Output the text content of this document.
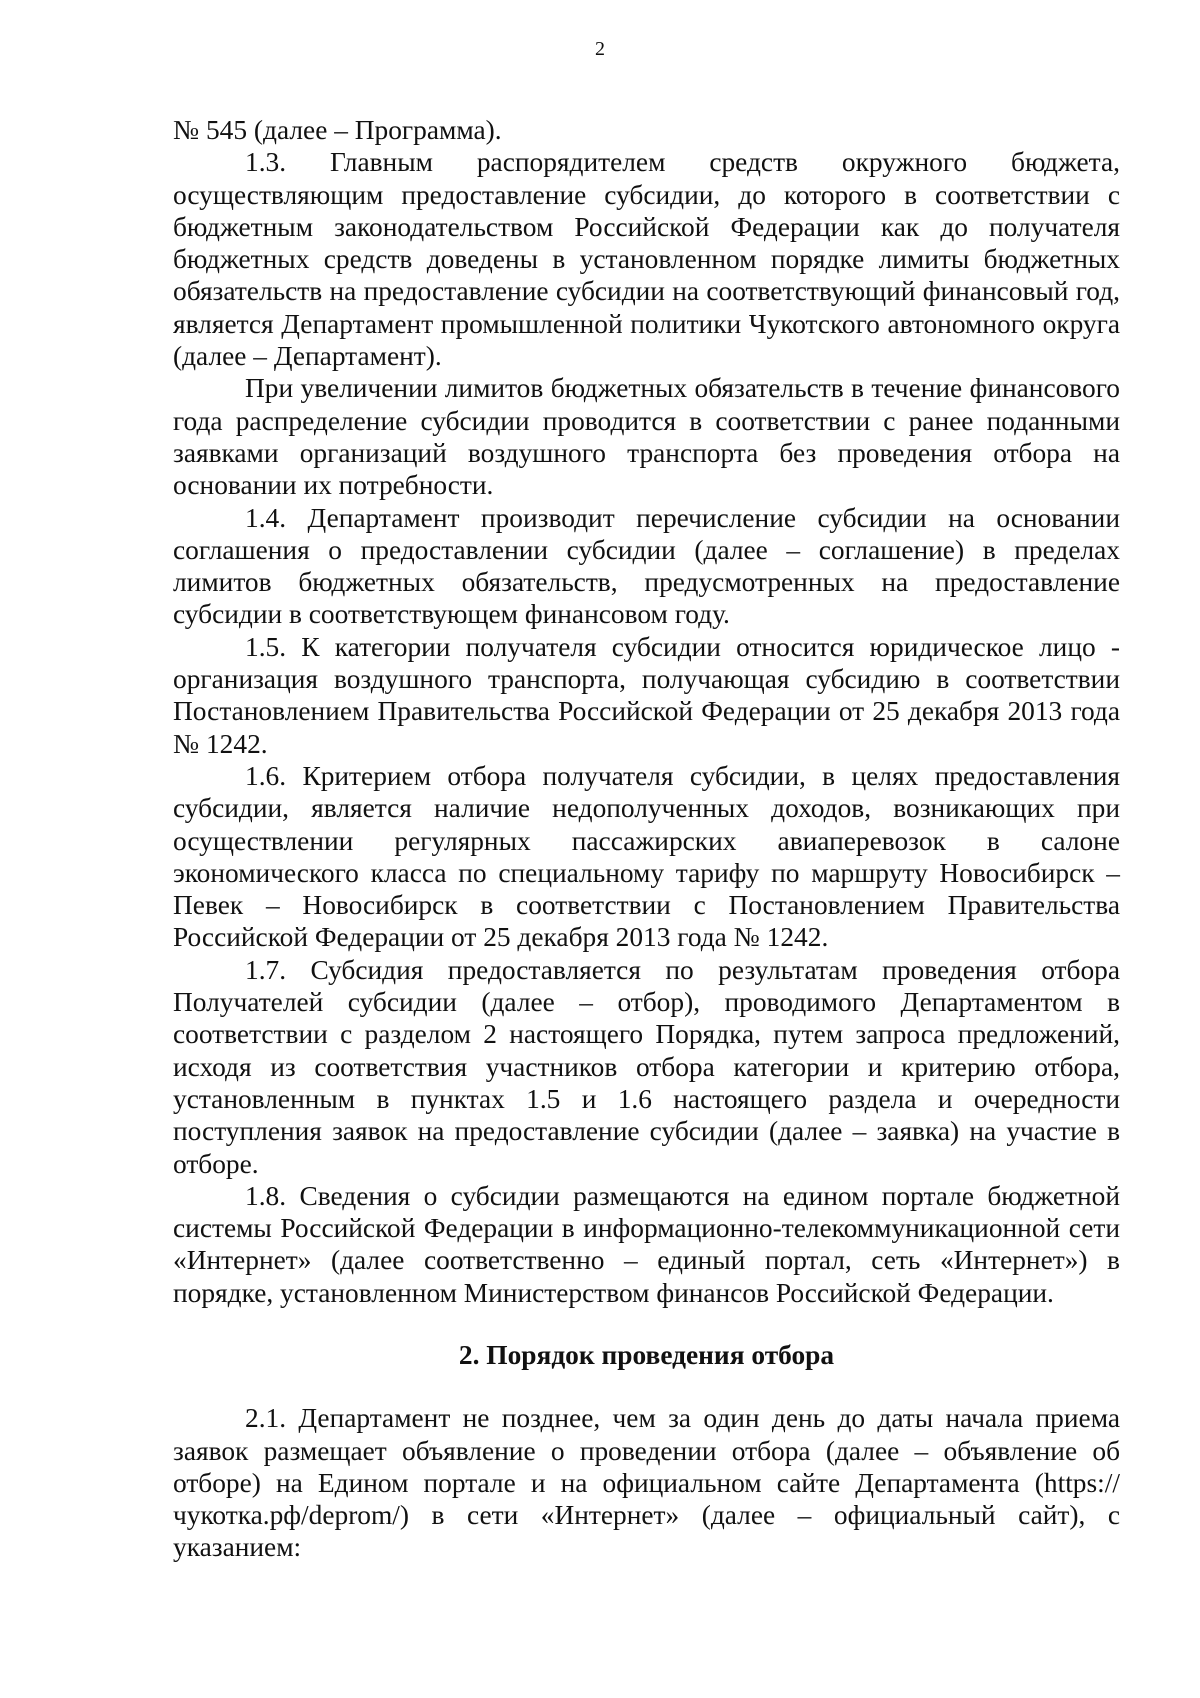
2

№ 545 (далее – Программа).

1.3. Главным распорядителем средств окружного бюджета, осуществляющим предоставление субсидии, до которого в соответствии с бюджетным законодательством Российской Федерации как до получателя бюджетных средств доведены в установленном порядке лимиты бюджетных обязательств на предоставление субсидии на соответствующий финансовый год, является Департамент промышленной политики Чукотского автономного округа (далее – Департамент).

При увеличении лимитов бюджетных обязательств в течение финансового года распределение субсидии проводится в соответствии с ранее поданными заявками организаций воздушного транспорта без проведения отбора на основании их потребности.

1.4. Департамент производит перечисление субсидии на основании соглашения о предоставлении субсидии (далее – соглашение) в пределах лимитов бюджетных обязательств, предусмотренных на предоставление субсидии в соответствующем финансовом году.

1.5. К категории получателя субсидии относится юридическое лицо - организация воздушного транспорта, получающая субсидию в соответствии Постановлением Правительства Российской Федерации от 25 декабря 2013 года № 1242.

1.6. Критерием отбора получателя субсидии, в целях предоставления субсидии, является наличие недополученных доходов, возникающих при осуществлении регулярных пассажирских авиаперевозок в салоне экономического класса по специальному тарифу по маршруту Новосибирск – Певек – Новосибирск в соответствии с Постановлением Правительства Российской Федерации от 25 декабря 2013 года № 1242.

1.7. Субсидия предоставляется по результатам проведения отбора Получателей субсидии (далее – отбор), проводимого Департаментом в соответствии с разделом 2 настоящего Порядка, путем запроса предложений, исходя из соответствия участников отбора категории и критерию отбора, установленным в пунктах 1.5 и 1.6 настоящего раздела и очередности поступления заявок на предоставление субсидии (далее – заявка) на участие в отборе.

1.8. Сведения о субсидии размещаются на едином портале бюджетной системы Российской Федерации в информационно-телекоммуникационной сети «Интернет» (далее соответственно – единый портал, сеть «Интернет») в порядке, установленном Министерством финансов Российской Федерации.

2. Порядок проведения отбора

2.1. Департамент не позднее, чем за один день до даты начала приема заявок размещает объявление о проведении отбора (далее – объявление об отборе) на Едином портале и на официальном сайте Департамента (https://чукотка.рф/deprom/) в сети «Интернет» (далее – официальный сайт), с указанием:
